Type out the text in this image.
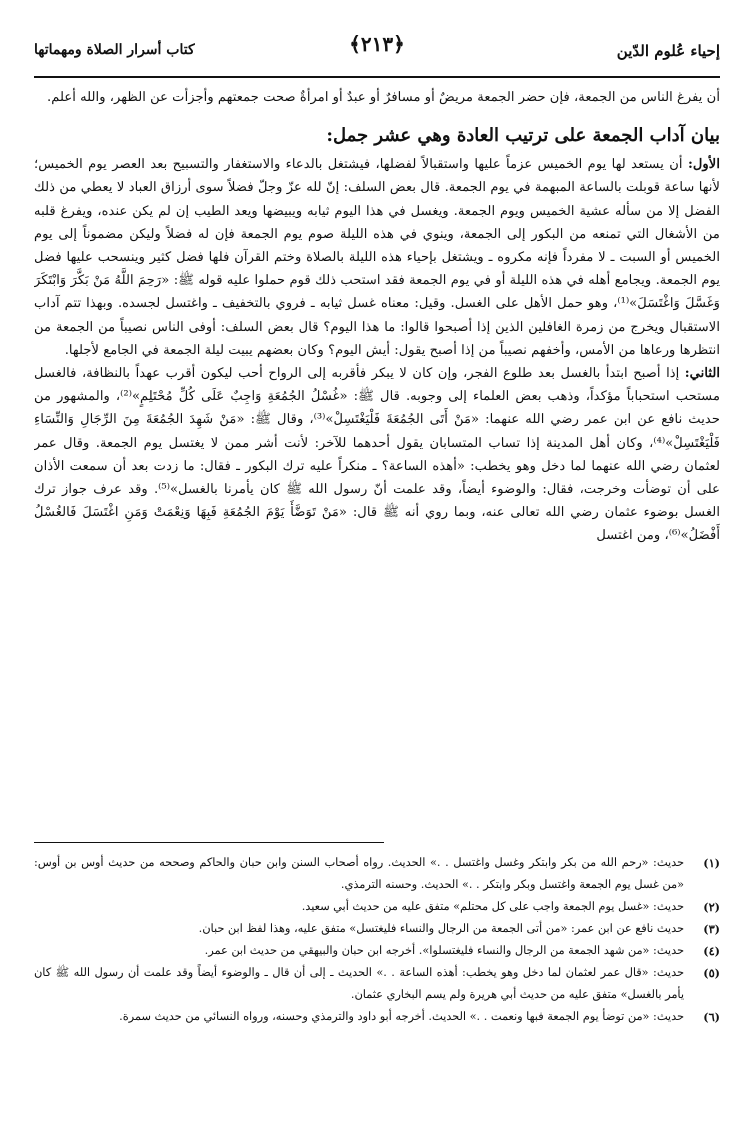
إحياء عُلوم الدّين
﴿٢١٣﴾
كتاب أسرار الصلاة ومهماتها

أن يفرغ الناس من الجمعة، فإن حضر الجمعة مريضٌ أو مسافرٌ أو عبدٌ أو امرأةٌ صحت جمعتهم وأجزأت عن الظهر، والله أعلم.

بيان آداب الجمعة على ترتيب العادة وهي عشر جمل:

الأول: أن يستعد لها يوم الخميس عزماً عليها واستقبالاً لفضلها، فيشتغل بالدعاء والاستغفار والتسبيح بعد العصر يوم الخميس؛ لأنها ساعة قوبلت بالساعة المبهمة في يوم الجمعة. قال بعض السلف: إنّ لله عزّ وجلّ فضلاً سوى أرزاق العباد لا يعطي من ذلك الفضل إلا من سأله عشية الخميس ويوم الجمعة. ويغسل في هذا اليوم ثيابه ويبيضها ويعد الطيب إن لم يكن عنده، ويفرغ قلبه من الأشغال التي تمنعه من البكور إلى الجمعة، وينوي في هذه الليلة صوم يوم الجمعة فإن له فضلاً وليكن مضموناً إلى يوم الخميس أو السبت ـ لا مفرداً فإنه مكروه ـ ويشتغل بإحياء هذه الليلة بالصلاة وختم القرآن فلها فضل كثير وينسحب عليها فضل يوم الجمعة. ويجامع أهله في هذه الليلة أو في يوم الجمعة فقد استحب ذلك قوم حملوا عليه قوله ﷺ: «رَحِمَ اللَّهُ مَنْ بَكَّرَ وَابْتَكَرَ وَغَسَّلَ وَاغْتَسَلَ»⁽¹⁾، وهو حمل الأهل على الغسل. وقيل: معناه غسل ثيابه ـ فروي بالتخفيف ـ واغتسل لجسده. وبهذا تتم آداب الاستقبال ويخرج من زمرة الغافلين الذين إذا أصبحوا قالوا: ما هذا اليوم؟ قال بعض السلف: أوفى الناس نصيباً من الجمعة من انتظرها ورعاها من الأمس، وأخفهم نصيباً من إذا أصبح يقول: أيش اليوم؟ وكان بعضهم يبيت ليلة الجمعة في الجامع لأجلها.

الثاني: إذا أصبح ابتدأ بالغسل بعد طلوع الفجر، وإن كان لا يبكر فأقربه إلى الرواح أحب ليكون أقرب عهداً بالنظافة، فالغسل مستحب استحباباً مؤكداً، وذهب بعض العلماء إلى وجوبه. قال ﷺ: «غُسْلُ الجُمُعَةِ وَاجِبٌ عَلَى كُلِّ مُحْتَلِمٍ»⁽²⁾، والمشهور من حديث نافع عن ابن عمر رضي الله عنهما: «مَنْ أَتَى الجُمُعَةَ فَلْيَغْتَسِلْ»⁽³⁾، وقال ﷺ: «مَنْ شَهِدَ الجُمُعَةَ مِنَ الرِّجَالِ وَالنِّسَاءِ فَلْيَغْتَسِلْ»⁽⁴⁾، وكان أهل المدينة إذا تساب المتسابان يقول أحدهما للآخر: لأنت أشر ممن لا يغتسل يوم الجمعة. وقال عمر لعثمان رضي الله عنهما لما دخل وهو يخطب: «أهذه الساعة؟ ـ منكراً عليه ترك البكور ـ فقال: ما زدت بعد أن سمعت الأذان على أن توضأت وخرجت، فقال: والوضوء أيضاً، وقد علمت أنّ رسول الله ﷺ كان يأمرنا بالغسل»⁽⁵⁾. وقد عرف جواز ترك الغسل بوضوء عثمان رضي الله تعالى عنه، وبما روي أنه ﷺ قال: «مَنْ تَوَضَّأَ يَوْمَ الجُمُعَةِ فَبِهَا وَنِعْمَتْ وَمَنِ اغْتَسَلَ فَالغُسْلُ أَفْضَلُ»⁽⁶⁾، ومن اغتسل

(١)
حديث: «رحم الله من بكر وابتكر وغسل واغتسل . .» الحديث. رواه أصحاب السنن وابن حبان والحاكم وصححه من حديث أوس بن أوس: «من غسل يوم الجمعة واغتسل وبكر وابتكر . .» الحديث. وحسنه الترمذي.
(٢)
حديث: «غسل يوم الجمعة واجب على كل محتلم» متفق عليه من حديث أبي سعيد.
(٣)
حديث نافع عن ابن عمر: «من أتى الجمعة من الرجال والنساء فليغتسل» متفق عليه، وهذا لفظ ابن حبان.
(٤)
حديث: «من شهد الجمعة من الرجال والنساء فليغتسلوا». أخرجه ابن حبان والبيهقي من حديث ابن عمر.
(٥)
حديث: «قال عمر لعثمان لما دخل وهو يخطب: أهذه الساعة . .» الحديث ـ إلى أن قال ـ والوضوء أيضاً وقد علمت أن رسول الله ﷺ كان يأمر بالغسل» متفق عليه من حديث أبي هريرة ولم يسم البخاري عثمان.
(٦)
حديث: «من توضأ يوم الجمعة فبها ونعمت . .» الحديث. أخرجه أبو داود والترمذي وحسنه، ورواه النسائي من حديث سمرة.
